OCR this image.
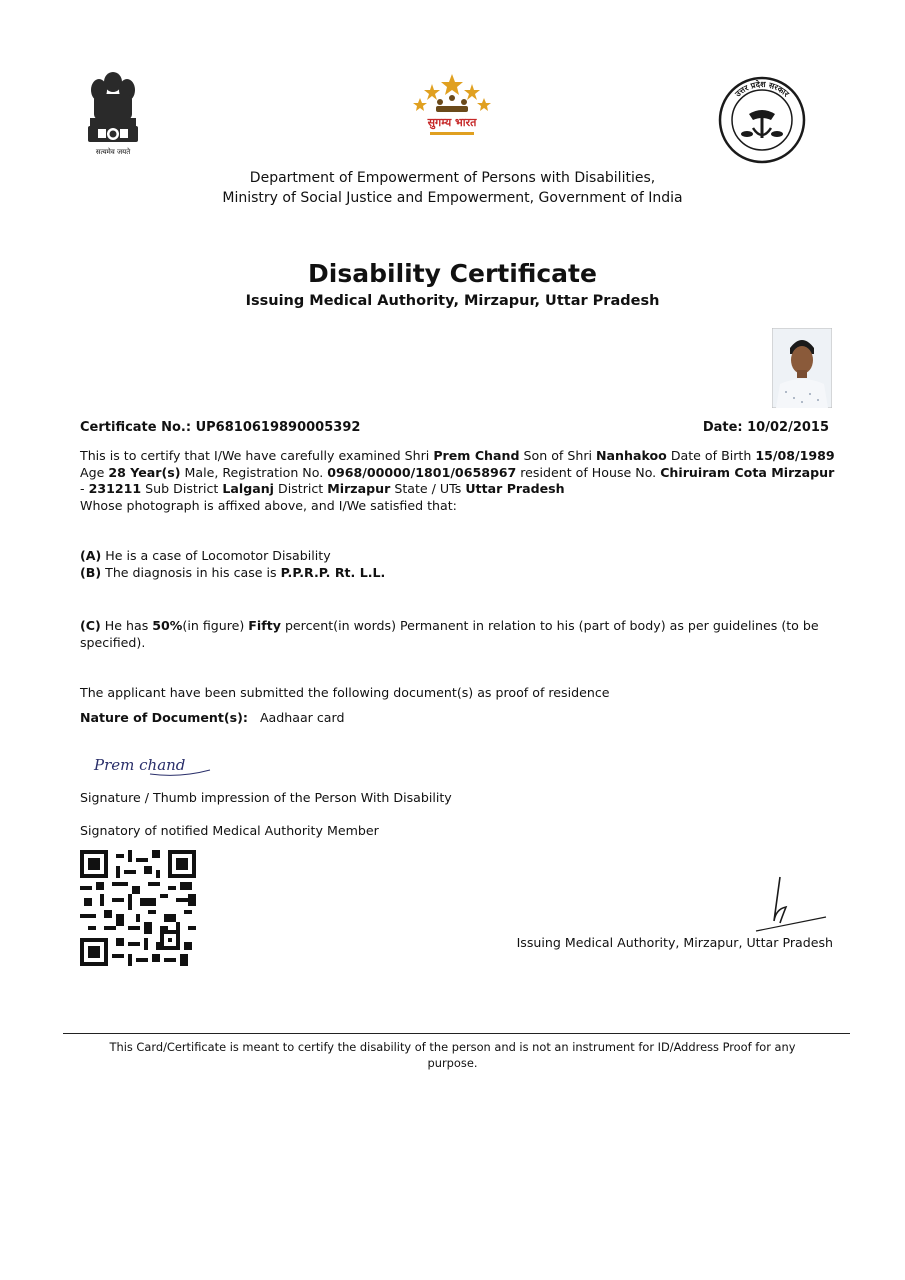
सत्यमेव जयते
सुगम्य भारत
उत्तर प्रदेश सरकार
Department of Empowerment of Persons with Disabilities,
Ministry of Social Justice and Empowerment, Government of India
Disability Certificate
Issuing Medical Authority, Mirzapur, Uttar Pradesh
Certificate No.: UP6810619890005392	Date: 10/02/2015

This is to certify that I/We have carefully examined Shri Prem Chand Son of Shri Nanhakoo Date of Birth 15/08/1989

Age 28 Year(s) Male, Registration No. 0968/00000/1801/0658967 resident of House No. Chiruiram Cota Mirzapur

- 231211 Sub District Lalganj District Mirzapur State / UTs Uttar Pradesh

Whose photograph is affixed above, and I/We satisfied that:

(A) He is a case of Locomotor Disability
(B) The diagnosis in his case is P.P.R.P. Rt. L.L.
(C) He has 50%(in figure) Fifty percent(in words) Permanent in relation to his (part of body) as per guidelines (to be
specified).
The applicant have been submitted the following document(s) as proof of residence
Nature of Document(s): Aadhaar card
Prem chand
Signature / Thumb impression of the Person With Disability
Signatory of notified Medical Authority Member
Issuing Medical Authority, Mirzapur, Uttar Pradesh
This Card/Certificate is meant to certify the disability of the person and is not an instrument for ID/Address Proof for any purpose.
